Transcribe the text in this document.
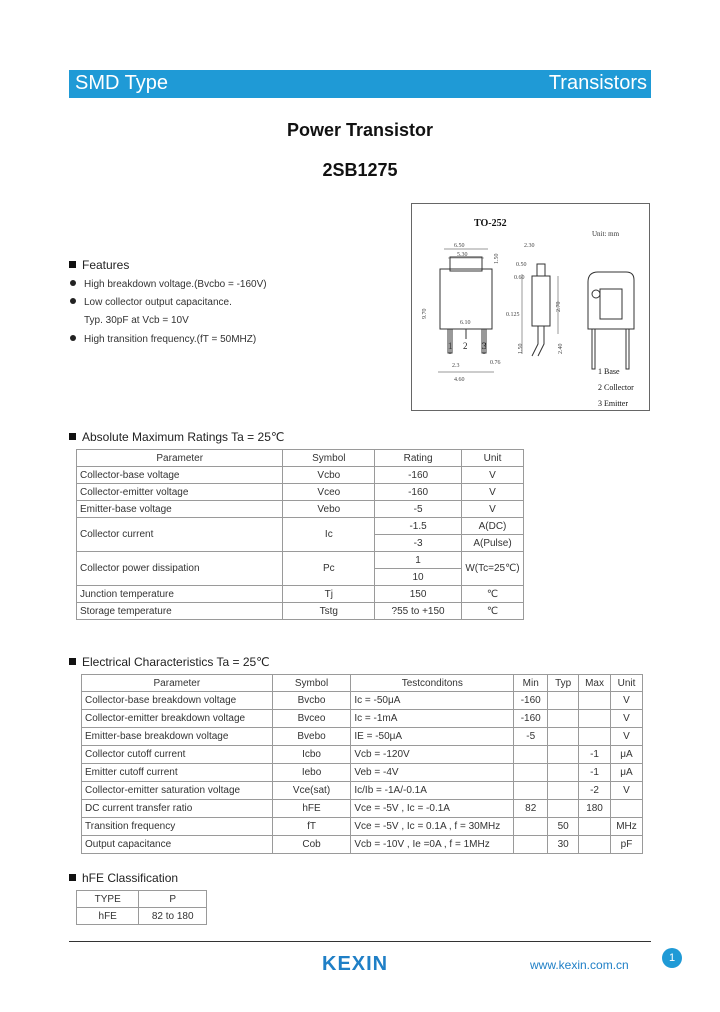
SMD Type	Transistors
Power Transistor
2SB1275
Features
High breakdown voltage.(Bvcbo = -160V)
Low collector output capacitance.
Typ. 30pF at Vcb = 10V
High transition frequency.(fT = 50MHZ)
TO-252
Unit: mm
6.50
5.30
2.30
1.50
0.125
6.10
2.70
9.70
0.60
0.76
2.3
4.60
0.50
1.50	2.40
1 2 3
1 Base
2 Collector
3 Emitter
Absolute Maximum Ratings Ta = 25℃
Parameter	Symbol	Rating	Unit
Collector-base voltage	Vcbo	-160	V
Collector-emitter voltage	Vceo	-160	V
Emitter-base voltage	Vebo	-5	V
Collector current	Ic	-1.5	A(DC)
		-3	A(Pulse)
Collector power dissipation	Pc	1	W(Tc=25℃)
		10	
Junction temperature	Tj	150	℃
Storage temperature	Tstg	?55 to +150	℃
Electrical Characteristics Ta = 25℃
Parameter	Symbol	Testconditons	Min	Typ	Max	Unit
Collector-base breakdown voltage	Bvcbo	Ic = -50μA	-160			V
Collector-emitter breakdown voltage	Bvceo	Ic = -1mA	-160			V
Emitter-base breakdown voltage	Bvebo	IE = -50μA	-5			V
Collector cutoff current	Icbo	Vcb = -120V			-1	μA
Emitter cutoff current	Iebo	Veb = -4V			-1	μA
Collector-emitter saturation voltage	Vce(sat)	Ic/Ib = -1A/-0.1A			-2	V
DC current transfer ratio	hFE	Vce = -5V , Ic = -0.1A	82		180	
Transition frequency	fT	Vce = -5V , Ic = 0.1A , f = 30MHz		50		MHz
Output capacitance	Cob	Vcb = -10V , Ie =0A , f = 1MHz		30		pF
hFE Classification
TYPE	P
hFE	82 to 180
1
KEXIN	www.kexin.com.cn
